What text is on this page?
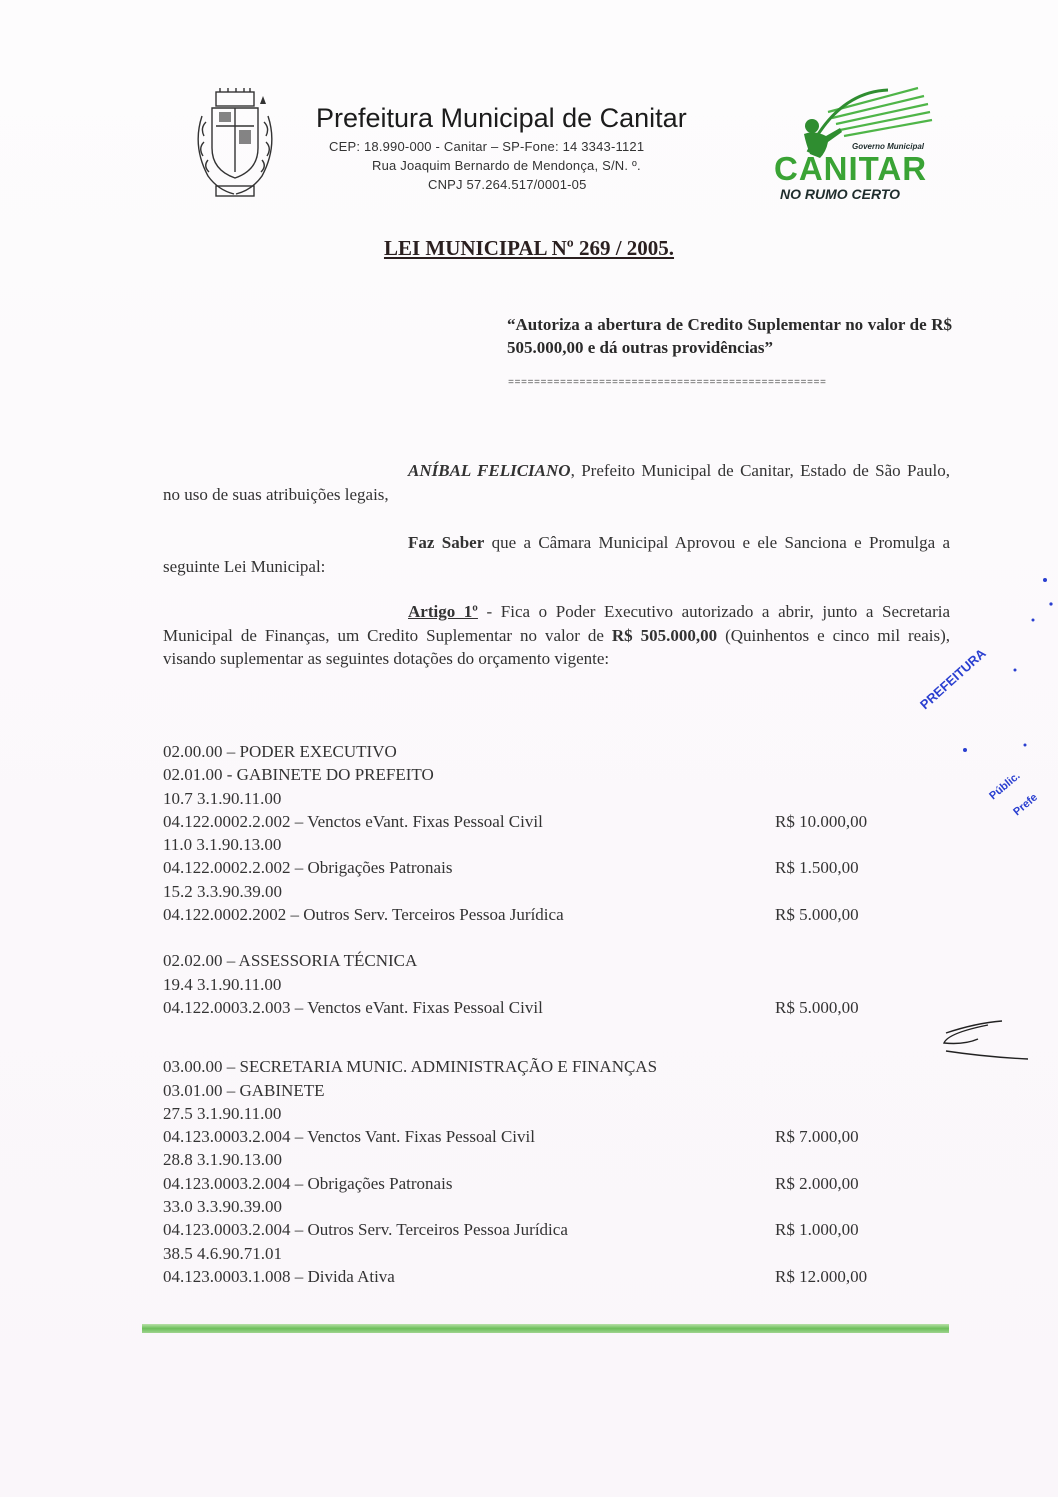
Prefeitura Municipal de Canitar
CEP: 18.990-000 - Canitar – SP-Fone: 14 3343-1121
Rua Joaquim Bernardo de Mendonça, S/N. º.
CNPJ 57.264.517/0001-05
Governo Municipal
CANITAR
NO RUMO CERTO
LEI MUNICIPAL Nº 269 / 2005.
“Autoriza a abertura de Credito Suplementar no valor de R$ 505.000,00 e dá outras providências”
=================================================
ANÍBAL FELICIANO, Prefeito Municipal de Canitar, Estado de São Paulo, no uso de suas atribuições legais,
Faz Saber que a Câmara Municipal Aprovou e ele Sanciona e Promulga a seguinte Lei Municipal:
Artigo 1º - Fica o Poder Executivo autorizado a abrir, junto a Secretaria Municipal de Finanças, um Credito Suplementar no valor de R$ 505.000,00 (Quinhentos e cinco mil reais), visando suplementar as seguintes dotações do orçamento vigente:
02.00.00 – PODER EXECUTIVO
02.01.00 - GABINETE DO PREFEITO
10.7 3.1.90.11.00
04.122.0002.2.002 – Venctos eVant. Fixas Pessoal Civil	R$ 10.000,00
11.0 3.1.90.13.00
04.122.0002.2.002 – Obrigações Patronais	R$ 1.500,00
15.2 3.3.90.39.00
04.122.0002.2002 – Outros Serv. Terceiros Pessoa Jurídica	R$ 5.000,00
02.02.00 – ASSESSORIA TÉCNICA
19.4 3.1.90.11.00
04.122.0003.2.003 – Venctos eVant. Fixas Pessoal Civil	R$ 5.000,00
03.00.00 – SECRETARIA MUNIC. ADMINISTRAÇÃO E FINANÇAS
03.01.00 – GABINETE
27.5 3.1.90.11.00
04.123.0003.2.004 – Venctos Vant. Fixas Pessoal Civil	R$ 7.000,00
28.8 3.1.90.13.00
04.123.0003.2.004 – Obrigações Patronais	R$ 2.000,00
33.0 3.3.90.39.00
04.123.0003.2.004 – Outros Serv. Terceiros Pessoa Jurídica	R$ 1.000,00
38.5 4.6.90.71.01
04.123.0003.1.008 – Divida Ativa	R$ 12.000,00
PREFEITURA
Públic.
Prefe
